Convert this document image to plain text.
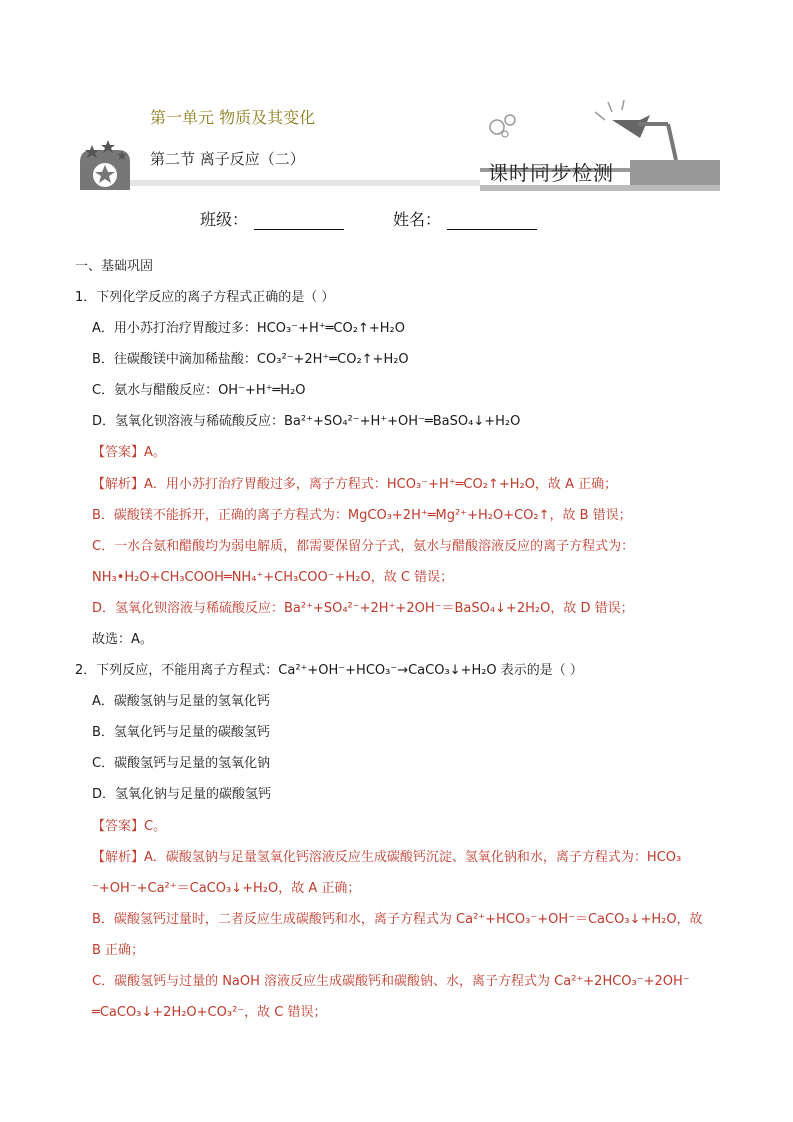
第一单元 物质及其变化
第二节 离子反应（二）
课时同步检测
班级：	姓名：
一、基础巩固
1．下列化学反应的离子方程式正确的是（ ）
A．用小苏打治疗胃酸过多：HCO₃⁻+H⁺═CO₂↑+H₂O
B．往碳酸镁中滴加稀盐酸：CO₃²⁻+2H⁺═CO₂↑+H₂O
C．氨水与醋酸反应：OH⁻+H⁺═H₂O
D．氢氧化钡溶液与稀硫酸反应：Ba²⁺+SO₄²⁻+H⁺+OH⁻═BaSO₄↓+H₂O
【答案】A。
【解析】A．用小苏打治疗胃酸过多，离子方程式：HCO₃⁻+H⁺═CO₂↑+H₂O，故 A 正确；
B．碳酸镁不能拆开，正确的离子方程式为：MgCO₃+2H⁺═Mg²⁺+H₂O+CO₂↑，故 B 错误；
C．一水合氨和醋酸均为弱电解质，都需要保留分子式，氨水与醋酸溶液反应的离子方程式为：
NH₃•H₂O+CH₃COOH═NH₄⁺+CH₃COO⁻+H₂O，故 C 错误；
D．氢氧化钡溶液与稀硫酸反应：Ba²⁺+SO₄²⁻+2H⁺+2OH⁻＝BaSO₄↓+2H₂O，故 D 错误；
故选：A。
2．下列反应，不能用离子方程式：Ca²⁺+OH⁻+HCO₃⁻→CaCO₃↓+H₂O 表示的是（ ）
A．碳酸氢钠与足量的氢氧化钙
B．氢氧化钙与足量的碳酸氢钙
C．碳酸氢钙与足量的氢氧化钠
D．氢氧化钠与足量的碳酸氢钙
【答案】C。
【解析】A．碳酸氢钠与足量氢氧化钙溶液反应生成碳酸钙沉淀、氢氧化钠和水，离子方程式为：HCO₃
⁻+OH⁻+Ca²⁺＝CaCO₃↓+H₂O，故 A 正确；
B．碳酸氢钙过量时，二者反应生成碳酸钙和水，离子方程式为 Ca²⁺+HCO₃⁻+OH⁻＝CaCO₃↓+H₂O，故
B 正确；
C．碳酸氢钙与过量的 NaOH 溶液反应生成碳酸钙和碳酸钠、水，离子方程式为 Ca²⁺+2HCO₃⁻+2OH⁻
═CaCO₃↓+2H₂O+CO₃²⁻，故 C 错误；
